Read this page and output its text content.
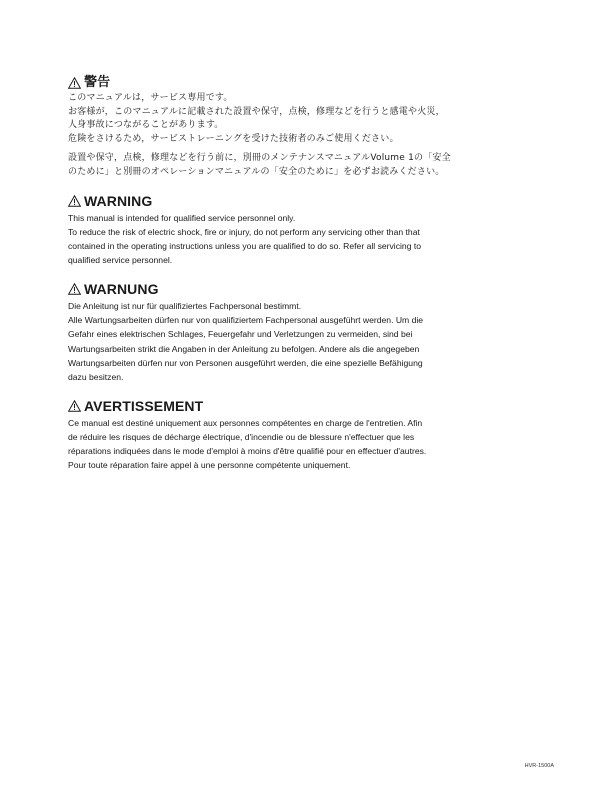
警告

このマニュアルは，サービス専用です。

お客様が，このマニュアルに記載された設置や保守，点検，修理などを行うと感電や火災，

人身事故につながることがあります。

危険をさけるため，サービストレーニングを受けた技術者のみご使用ください。

設置や保守，点検，修理などを行う前に，別冊のメンテナンスマニュアルVolume 1の「安全

のために」と別冊のオペレーションマニュアルの「安全のために」を必ずお読みください。

WARNING

This manual is intended for qualified service personnel only.

To reduce the risk of electric shock, fire or injury, do not perform any servicing other than that

contained in the operating instructions unless you are qualified to do so. Refer all servicing to

qualified service personnel.

WARNUNG

Die Anleitung ist nur für qualifiziertes Fachpersonal bestimmt.

Alle Wartungsarbeiten dürfen nur von qualifiziertem Fachpersonal ausgeführt werden. Um die

Gefahr eines elektrischen Schlages, Feuergefahr und Verletzungen zu vermeiden, sind bei

Wartungsarbeiten strikt die Angaben in der Anleitung zu befolgen. Andere als die angegeben

Wartungsarbeiten dürfen nur von Personen ausgeführt werden, die eine spezielle Befähigung

dazu besitzen.

AVERTISSEMENT

Ce manual est destiné uniquement aux personnes compétentes en charge de l'entretien. Afin

de réduire les risques de décharge électrique, d'incendie ou de blessure n'effectuer que les

réparations indiquées dans le mode d'emploi à moins d'être qualifié pour en effectuer d'autres.

Pour toute réparation faire appel à une personne compétente uniquement.

HVR-1500A
